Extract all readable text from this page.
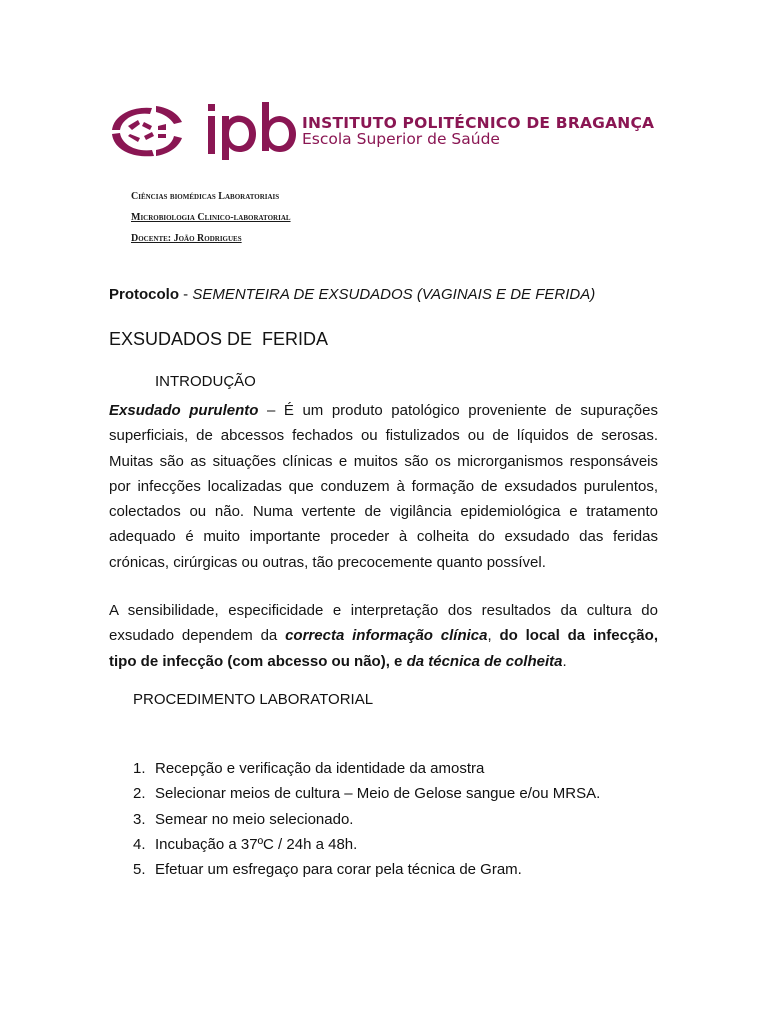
INSTITUTO POLITÉCNICO DE BRAGANÇA
Escola Superior de Saúde
Ciências biomédicas Laboratoriais
Microbiologia Clinico-laboratorial
Docente: João Rodrigues
Protocolo - SEMENTEIRA DE EXSUDADOS (VAGINAIS E DE FERIDA)
EXSUDADOS DE  FERIDA
INTRODUÇÃO
Exsudado purulento – É um produto patológico proveniente de supurações
superficiais, de abcessos fechados ou fistulizados ou de líquidos de serosas.
Muitas são as situações clínicas e muitos são os microrganismos responsáveis
por infecções localizadas que conduzem à formação de exsudados purulentos,
colectados ou não. Numa vertente de vigilância epidemiológica e tratamento
adequado é muito importante proceder à colheita do exsudado das feridas
crónicas, cirúrgicas ou outras, tão precocemente quanto possível.
A sensibilidade, especificidade e interpretação dos resultados da cultura do
exsudado dependem da correcta informação clínica, do local da infecção,
tipo de infecção (com abcesso ou não), e da técnica de colheita.
PROCEDIMENTO LABORATORIAL
1. Recepção e verificação da identidade da amostra
2. Selecionar meios de cultura – Meio de Gelose sangue e/ou MRSA.
3. Semear no meio selecionado.
4. Incubação a 37ºC / 24h a 48h.
5. Efetuar um esfregaço para corar pela técnica de Gram.
